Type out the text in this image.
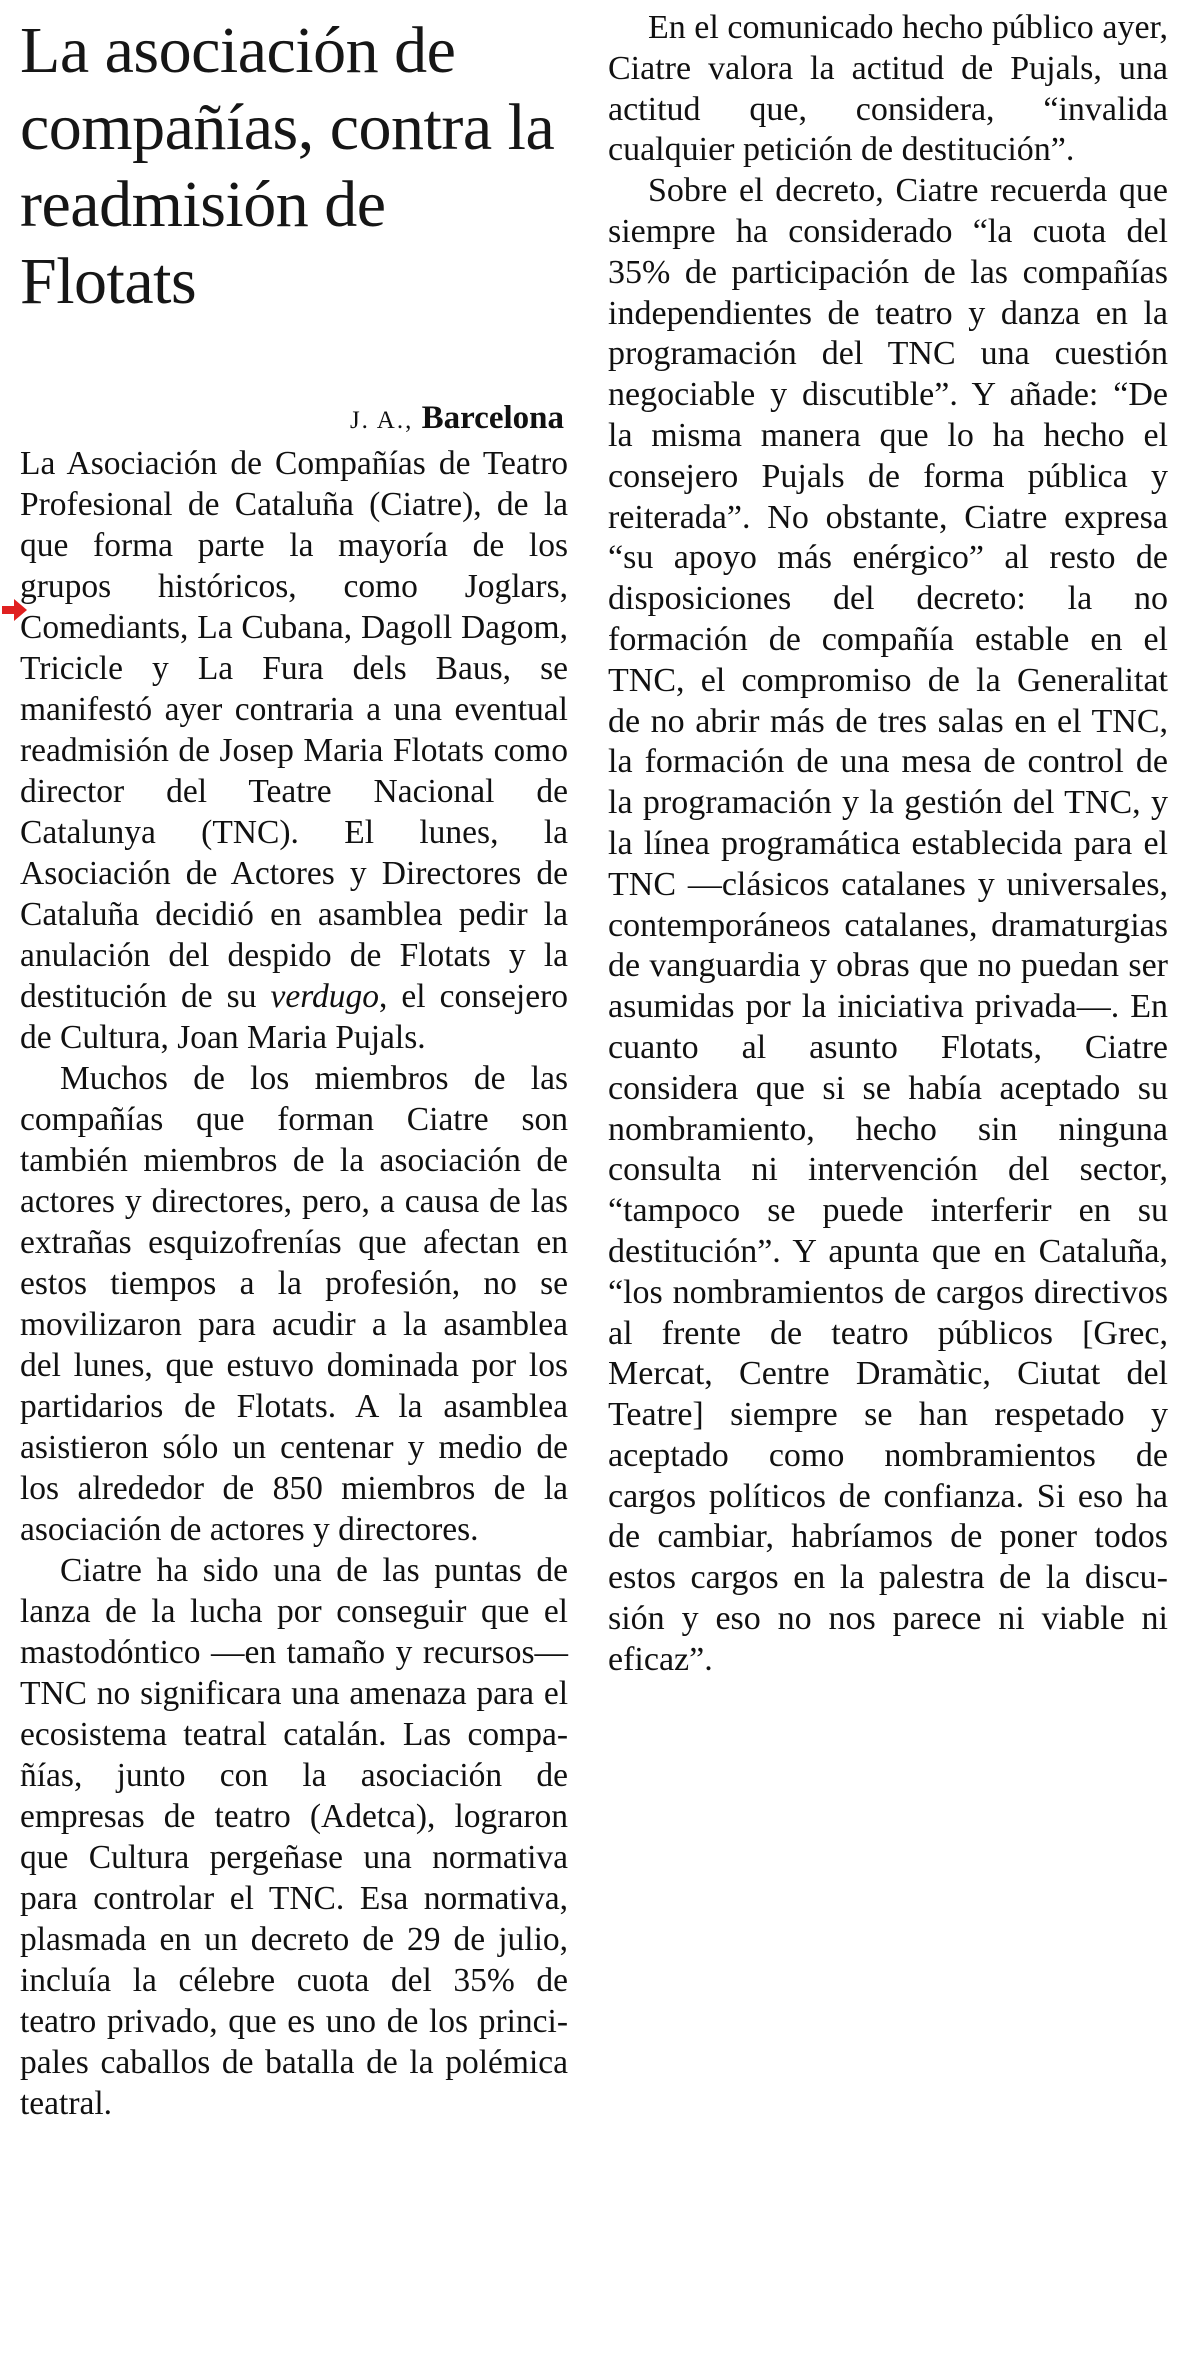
La asociación de compañías, contra la readmisión de Flotats
J. A., Barcelona

La Asociación de Compañías de Teatro Profesional de Cataluña (Ciatre), de la que forma parte la mayoría de los grupos históricos, como Joglars, Comediants, La Cubana, Dagoll Dagom, Tricicle y La Fura dels Baus, se manifestó ayer contraria a una eventual readmisión de Josep Maria Flotats como director del Teatre Nacional de Catalunya (TNC). El lunes, la Asociación de Actores y Directores de Cataluña decidió en asamblea pedir la anulación del despido de Flotats y la destitución de su verdugo, el consejero de Cultura, Joan Maria Pujals.

Muchos de los miembros de las compañías que forman Ciatre son también miembros de la asociación de actores y directores, pero, a causa de las extrañas esquizofrenías que afectan en estos tiempos a la profesión, no se movilizaron para acudir a la asamblea del lunes, que estuvo dominada por los partidarios de Flotats. A la asamblea asistieron sólo un centenar y medio de los alrededor de 850 miembros de la asociación de actores y directores.

Ciatre ha sido una de las puntas de lanza de la lucha por conseguir que el mastodóntico —en tamaño y recursos— TNC no significara una amenaza para el ecosistema teatral catalán. Las compañías, junto con la asociación de empresas de teatro (Adetca), lograron que Cultura pergeñase una normativa para controlar el TNC. Esa normativa, plasmada en un decreto de 29 de julio, incluía la célebre cuota del 35% de teatro privado, que es uno de los principales caballos de batalla de la polémica teatral.

En el comunicado hecho público ayer, Ciatre valora la actitud de Pujals, una actitud que, considera, “invalida cualquier petición de destitución”.

Sobre el decreto, Ciatre recuerda que siempre ha considerado “la cuota del 35% de participación de las compañías independientes de teatro y danza en la programación del TNC una cuestión negociable y discutible”. Y añade: “De la misma manera que lo ha hecho el consejero Pujals de forma pública y reiterada”. No obstante, Ciatre expresa “su apoyo más enérgico” al resto de disposiciones del decreto: la no formación de compañía estable en el TNC, el compromiso de la Generalitat de no abrir más de tres salas en el TNC, la formación de una mesa de control de la programación y la gestión del TNC, y la línea programática establecida para el TNC —clásicos catalanes y universales, contemporáneos catalanes, dramaturgias de vanguardia y obras que no puedan ser asumidas por la iniciativa privada—. En cuanto al asunto Flotats, Ciatre considera que si se había aceptado su nombramiento, hecho sin ninguna consulta ni intervención del sector, “tampoco se puede interferir en su destitución”. Y apunta que en Cataluña, “los nombramientos de cargos directivos al frente de teatro públicos [Grec, Mercat, Centre Dramàtic, Ciutat del Teatre] siempre se han respetado y aceptado como nombramientos de cargos políticos de confianza. Si eso ha de cambiar, habríamos de poner todos estos cargos en la palestra de la discusión y eso no nos parece ni viable ni eficaz”.
